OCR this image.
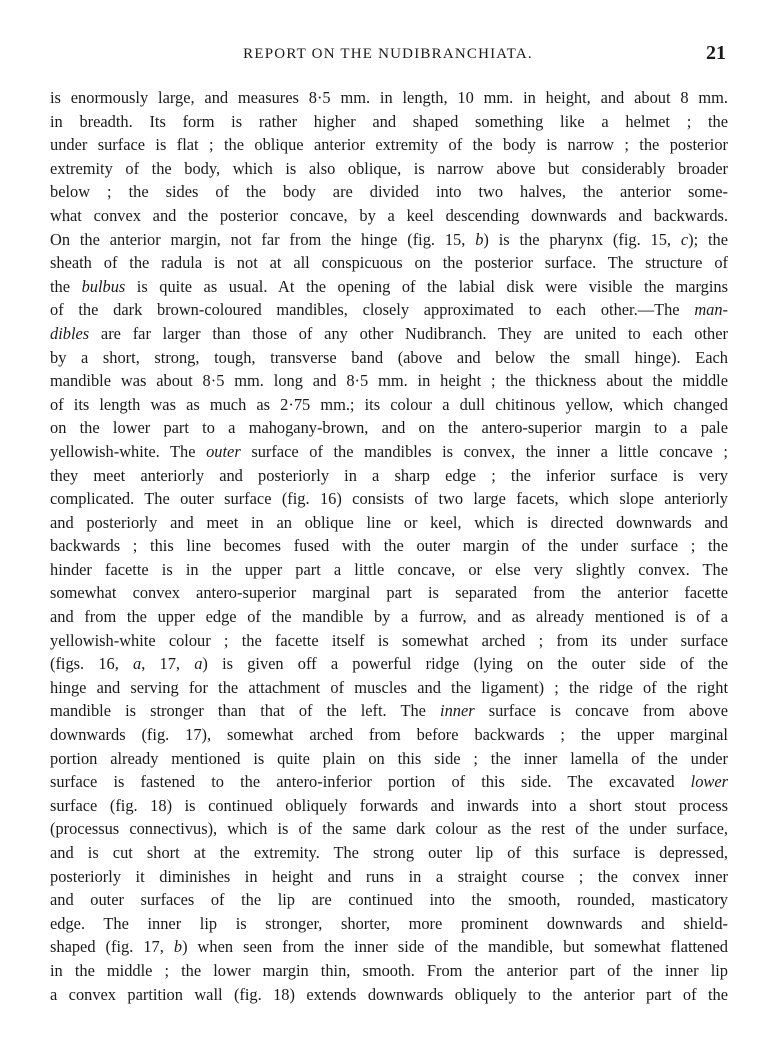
REPORT ON THE NUDIBRANCHIATA.	21
is enormously large, and measures 8·5 mm. in length, 10 mm. in height, and about 8 mm.
in breadth. Its form is rather higher and shaped something like a helmet ; the
under surface is flat ; the oblique anterior extremity of the body is narrow ; the posterior
extremity of the body, which is also oblique, is narrow above but considerably broader
below ; the sides of the body are divided into two halves, the anterior some-
what convex and the posterior concave, by a keel descending downwards and backwards.
On the anterior margin, not far from the hinge (fig. 15, b) is the pharynx (fig. 15, c); the
sheath of the radula is not at all conspicuous on the posterior surface. The structure of
the bulbus is quite as usual. At the opening of the labial disk were visible the margins
of the dark brown-coloured mandibles, closely approximated to each other.—The man-
dibles are far larger than those of any other Nudibranch. They are united to each other
by a short, strong, tough, transverse band (above and below the small hinge). Each
mandible was about 8·5 mm. long and 8·5 mm. in height ; the thickness about the middle
of its length was as much as 2·75 mm.; its colour a dull chitinous yellow, which changed
on the lower part to a mahogany-brown, and on the antero-superior margin to a pale
yellowish-white. The outer surface of the mandibles is convex, the inner a little concave ;
they meet anteriorly and posteriorly in a sharp edge ; the inferior surface is very
complicated. The outer surface (fig. 16) consists of two large facets, which slope anteriorly
and posteriorly and meet in an oblique line or keel, which is directed downwards and
backwards ; this line becomes fused with the outer margin of the under surface ; the
hinder facette is in the upper part a little concave, or else very slightly convex. The
somewhat convex antero-superior marginal part is separated from the anterior facette
and from the upper edge of the mandible by a furrow, and as already mentioned is of a
yellowish-white colour ; the facette itself is somewhat arched ; from its under surface
(figs. 16, a, 17, a) is given off a powerful ridge (lying on the outer side of the
hinge and serving for the attachment of muscles and the ligament) ; the ridge of the right
mandible is stronger than that of the left. The inner surface is concave from above
downwards (fig. 17), somewhat arched from before backwards ; the upper marginal
portion already mentioned is quite plain on this side ; the inner lamella of the under
surface is fastened to the antero-inferior portion of this side. The excavated lower
surface (fig. 18) is continued obliquely forwards and inwards into a short stout process
(processus connectivus), which is of the same dark colour as the rest of the under surface,
and is cut short at the extremity. The strong outer lip of this surface is depressed,
posteriorly it diminishes in height and runs in a straight course ; the convex inner
and outer surfaces of the lip are continued into the smooth, rounded, masticatory
edge. The inner lip is stronger, shorter, more prominent downwards and shield-
shaped (fig. 17, b) when seen from the inner side of the mandible, but somewhat flattened
in the middle ; the lower margin thin, smooth. From the anterior part of the inner lip
a convex partition wall (fig. 18) extends downwards obliquely to the anterior part of the
